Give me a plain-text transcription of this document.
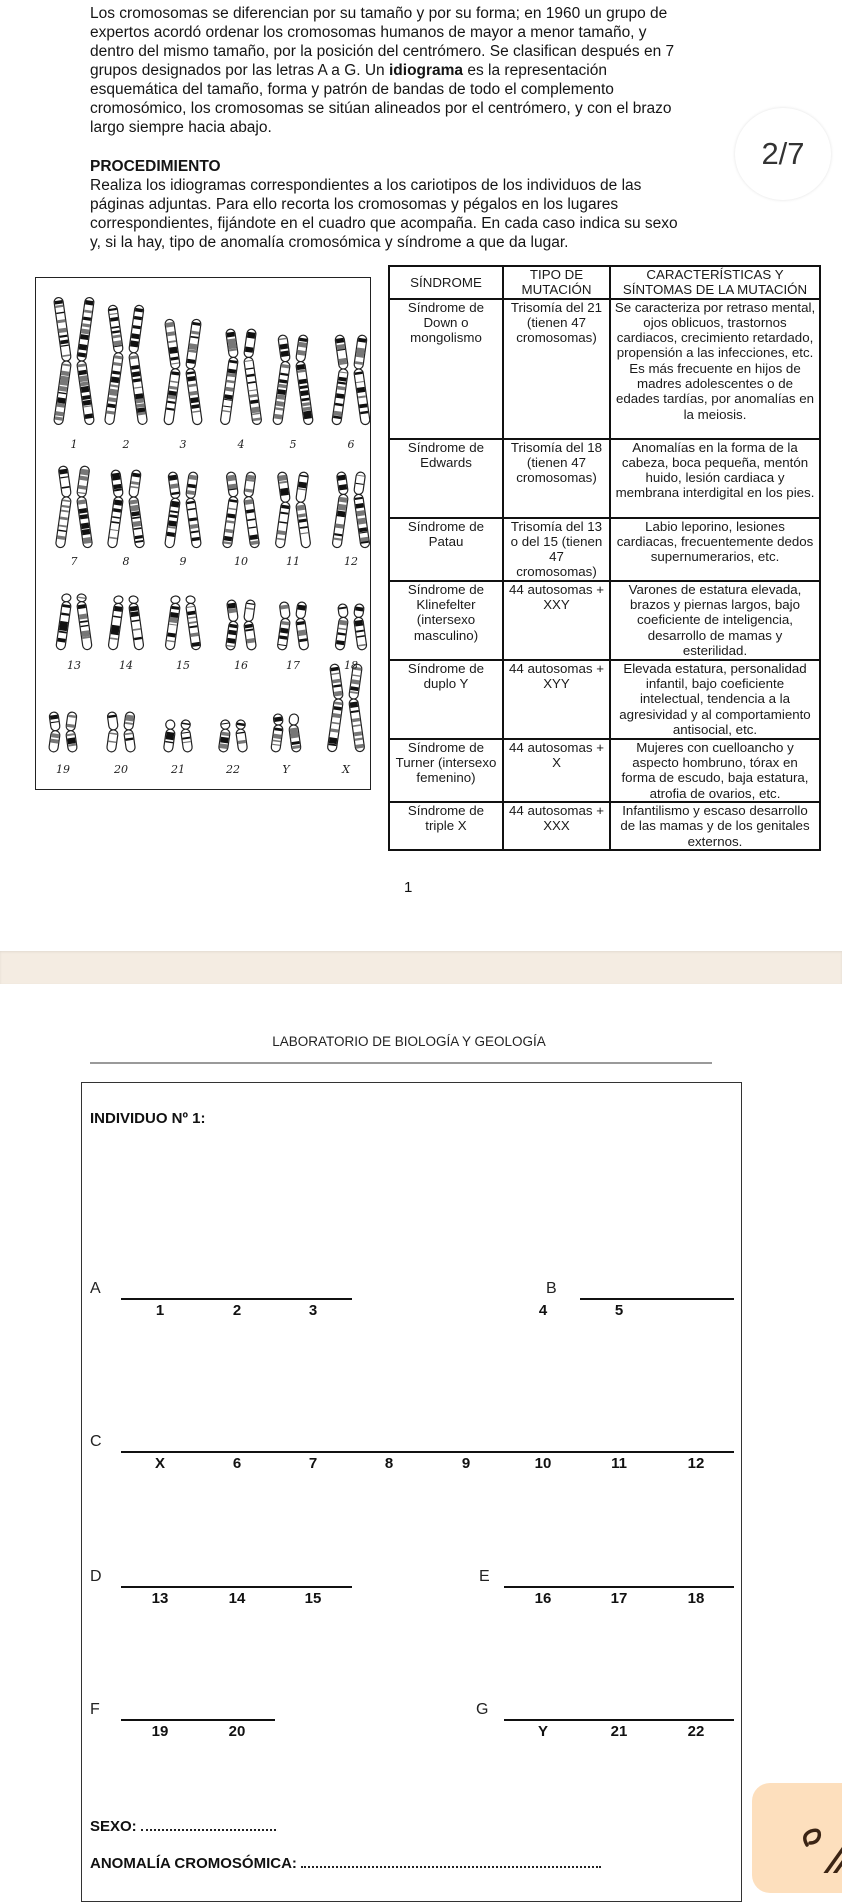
Los cromosomas se diferencian por su tamaño y por su forma; en 1960 un grupo de
expertos acordó ordenar los cromosomas humanos de mayor a menor tamaño, y
dentro del mismo tamaño, por la posición del centrómero. Se clasifican después en 7
grupos designados por las letras A a G. Un idiograma es la representación
esquemática del tamaño, forma y patrón de bandas de todo el complemento
cromosómico, los cromosomas se sitúan alineados por el centrómero, y con el brazo
largo siempre hacia abajo.
2/7
PROCEDIMIENTO
Realiza los idiogramas correspondientes a los cariotipos de los individuos de las
páginas adjuntas. Para ello recorta los cromosomas y pégalos en los lugares
correspondientes, fijándote en el cuadro que acompaña. En cada caso indica su sexo
y, si la hay, tipo de anomalía cromosómica y síndrome a que da lugar.
1	2	3	4	5	6
7	8	9	10	11	12
13	14	15	16	17	18
19	20	21	22	Y	X
SÍNDROME	TIPO DE MUTACIÓN	CARACTERÍSTICAS Y SÍNTOMAS DE LA MUTACIÓN
Síndrome de Down o mongolismo	Trisomía del 21 (tienen 47 cromosomas)	Se caracteriza por retraso mental, ojos oblicuos, trastornos cardiacos, crecimiento retardado, propensión a las infecciones, etc. Es más frecuente en hijos de madres adolescentes o de edades tardías, por anomalías en la meiosis.
Síndrome de Edwards	Trisomía del 18 (tienen 47 cromosomas)	Anomalías en la forma de la cabeza, boca pequeña, mentón huido, lesión cardiaca y membrana interdigital en los pies.
Síndrome de Patau	Trisomía del 13 o del 15 (tienen 47 cromosomas)	Labio leporino, lesiones cardiacas, frecuentemente dedos supernumerarios, etc.
Síndrome de Klinefelter (intersexo masculino)	44 autosomas + XXY	Varones de estatura elevada, brazos y piernas largos, bajo coeficiente de inteligencia, desarrollo de mamas y esterilidad.
Síndrome de duplo Y	44 autosomas + XYY	Elevada estatura, personalidad infantil, bajo coeficiente intelectual, tendencia a la agresividad y al comportamiento antisocial, etc.
Síndrome de Turner (intersexo femenino)	44 autosomas + X	Mujeres con cuelloancho y aspecto hombruno, tórax en forma de escudo, baja estatura, atrofia de ovarios, etc.
Síndrome de triple X	44 autosomas + XXX	Infantilismo y escaso desarrollo de las mamas y de los genitales externos.
1
LABORATORIO DE BIOLOGÍA Y GEOLOGÍA
INDIVIDUO Nº 1:
A
1	2	3
B
4	5
C
X	6	7	8	9	10	11	12
D
13	14	15
E
16	17	18
F
19	20
G
Y	21	22
SEXO:
ANOMALÍA CROMOSÓMICA:
